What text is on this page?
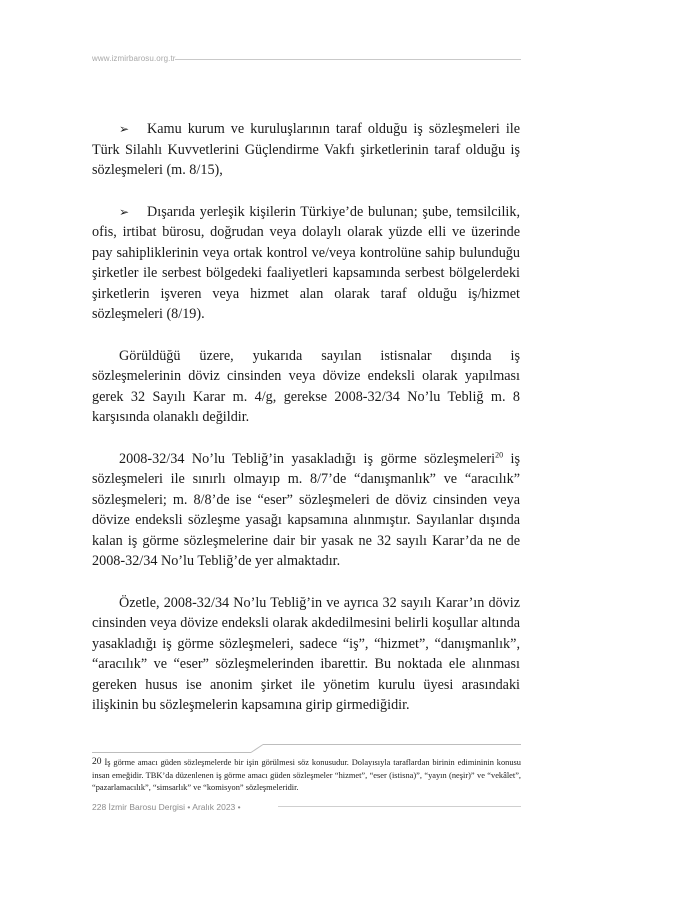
www.izmirbarosu.org.tr

➢ Kamu kurum ve kuruluşlarının taraf olduğu iş sözleşmeleri ile Türk Silahlı Kuvvetlerini Güçlendirme Vakfı şirketlerinin taraf olduğu iş sözleşmeleri (m. 8/15),

➢ Dışarıda yerleşik kişilerin Türkiye’de bulunan; şube, temsilcilik, ofis, irtibat bürosu, doğrudan veya dolaylı olarak yüzde elli ve üzerinde pay sahipliklerinin veya ortak kontrol ve/veya kontrolüne sahip bulunduğu şirketler ile serbest bölgedeki faaliyetleri kapsamında serbest bölgelerdeki şirketlerin işveren veya hizmet alan olarak taraf olduğu iş/hizmet sözleşmeleri (8/19).

Görüldüğü üzere, yukarıda sayılan istisnalar dışında iş sözleşmelerinin döviz cinsinden veya dövize endeksli olarak yapılması gerek 32 Sayılı Karar m. 4/g, gerekse 2008-32/34 No’lu Tebliğ m. 8 karşısında olanaklı değildir.

2008-32/34 No’lu Tebliğ’in yasakladığı iş görme sözleşmeleri$^{20}$ iş sözleşmeleri ile sınırlı olmayıp m. 8/7’de “danışmanlık” ve “aracılık” sözleşmeleri; m. 8/8’de ise “eser” sözleşmeleri de döviz cinsinden veya dövize endeksli sözleşme yasağı kapsamına alınmıştır. Sayılanlar dışında kalan iş görme sözleşmelerine dair bir yasak ne 32 sayılı Karar’da ne de 2008-32/34 No’lu Tebliğ’de yer almaktadır.

Özetle, 2008-32/34 No’lu Tebliğ’in ve ayrıca 32 sayılı Karar’ın döviz cinsinden veya dövize endeksli olarak akdedilmesini belirli koşullar altında yasakladığı iş görme sözleşmeleri, sadece “iş”, “hizmet”, “danışmanlık”, “aracılık” ve “eser” sözleşmelerinden ibarettir. Bu noktada ele alınması gereken husus ise anonim şirket ile yönetim kurulu üyesi arasındaki ilişkinin bu sözleşmelerin kapsamına girip girmediğidir.

20 İş görme amacı güden sözleşmelerde bir işin görülmesi söz konusudur. Dolayısıyla taraflardan birinin edimininin konusu insan emeğidir. TBK’da düzenlenen iş görme amacı güden sözleşmeler “hizmet”, “eser (istisna)”, “yayın (neşir)” ve “vekâlet”, “pazarlamacılık”, “simsarlık” ve “komisyon” sözleşmeleridir.
228 İzmir Barosu Dergisi • Aralık 2023 •
